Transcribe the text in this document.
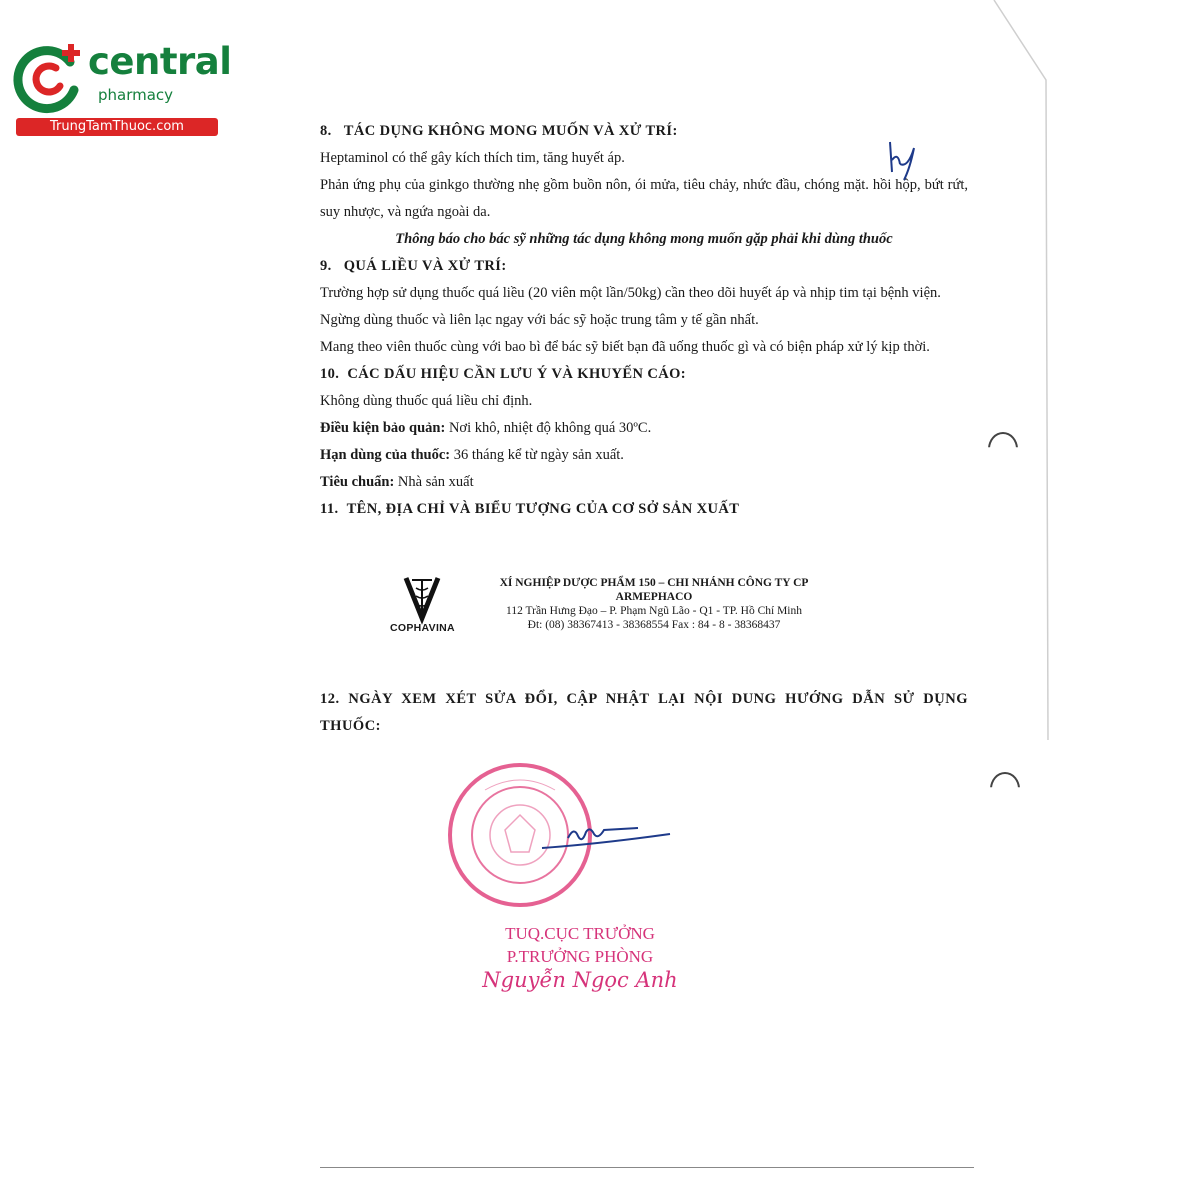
central
pharmacy
TrungTamThuoc.com	8.   TÁC DỤNG KHÔNG MONG MUỐN VÀ XỬ TRÍ:

Heptaminol có thể gây kích thích tim, tăng huyết áp.

Phản ứng phụ của ginkgo thường nhẹ gồm buồn nôn, ói mửa, tiêu chảy, nhức đầu, chóng mặt. hồi hộp, bứt rứt, suy nhược, và ngứa ngoài da.

Thông báo cho bác sỹ những tác dụng không mong muốn gặp phải khi dùng thuốc

9.   QUÁ LIỀU VÀ XỬ TRÍ:

Trường hợp sử dụng thuốc quá liều (20 viên một lần/50kg) cần theo dõi huyết áp và nhịp tim tại bệnh viện.

Ngừng dùng thuốc và liên lạc ngay với bác sỹ hoặc trung tâm y tế gần nhất.

Mang theo viên thuốc cùng với bao bì để bác sỹ biết bạn đã uống thuốc gì và có biện pháp xử lý kịp thời.

10.  CÁC DẤU HIỆU CẦN LƯU Ý VÀ KHUYẾN CÁO:

Không dùng thuốc quá liều chỉ định.

Điều kiện bảo quản: Nơi khô, nhiệt độ không quá 30ºC.

Hạn dùng của thuốc: 36 tháng kể từ ngày sản xuất.

Tiêu chuẩn: Nhà sản xuất

11.  TÊN, ĐỊA CHỈ VÀ BIỂU TƯỢNG CỦA CƠ SỞ SẢN XUẤT

COPHAVINA
XÍ NGHIỆP DƯỢC PHẨM 150 – CHI NHÁNH CÔNG TY CP
ARMEPHACO
112 Trần Hưng Đạo – P. Phạm Ngũ Lão - Q1 - TP. Hồ Chí Minh
Đt: (08) 38367413 - 38368554 Fax : 84 - 8 - 38368437
12. NGÀY XEM XÉT SỬA ĐỔI, CẬP NHẬT LẠI NỘI DUNG HƯỚNG DẪN SỬ DỤNG THUỐC:
TUQ.CỤC TRƯỞNG
P.TRƯỞNG PHÒNG
Nguyễn Ngọc Anh
